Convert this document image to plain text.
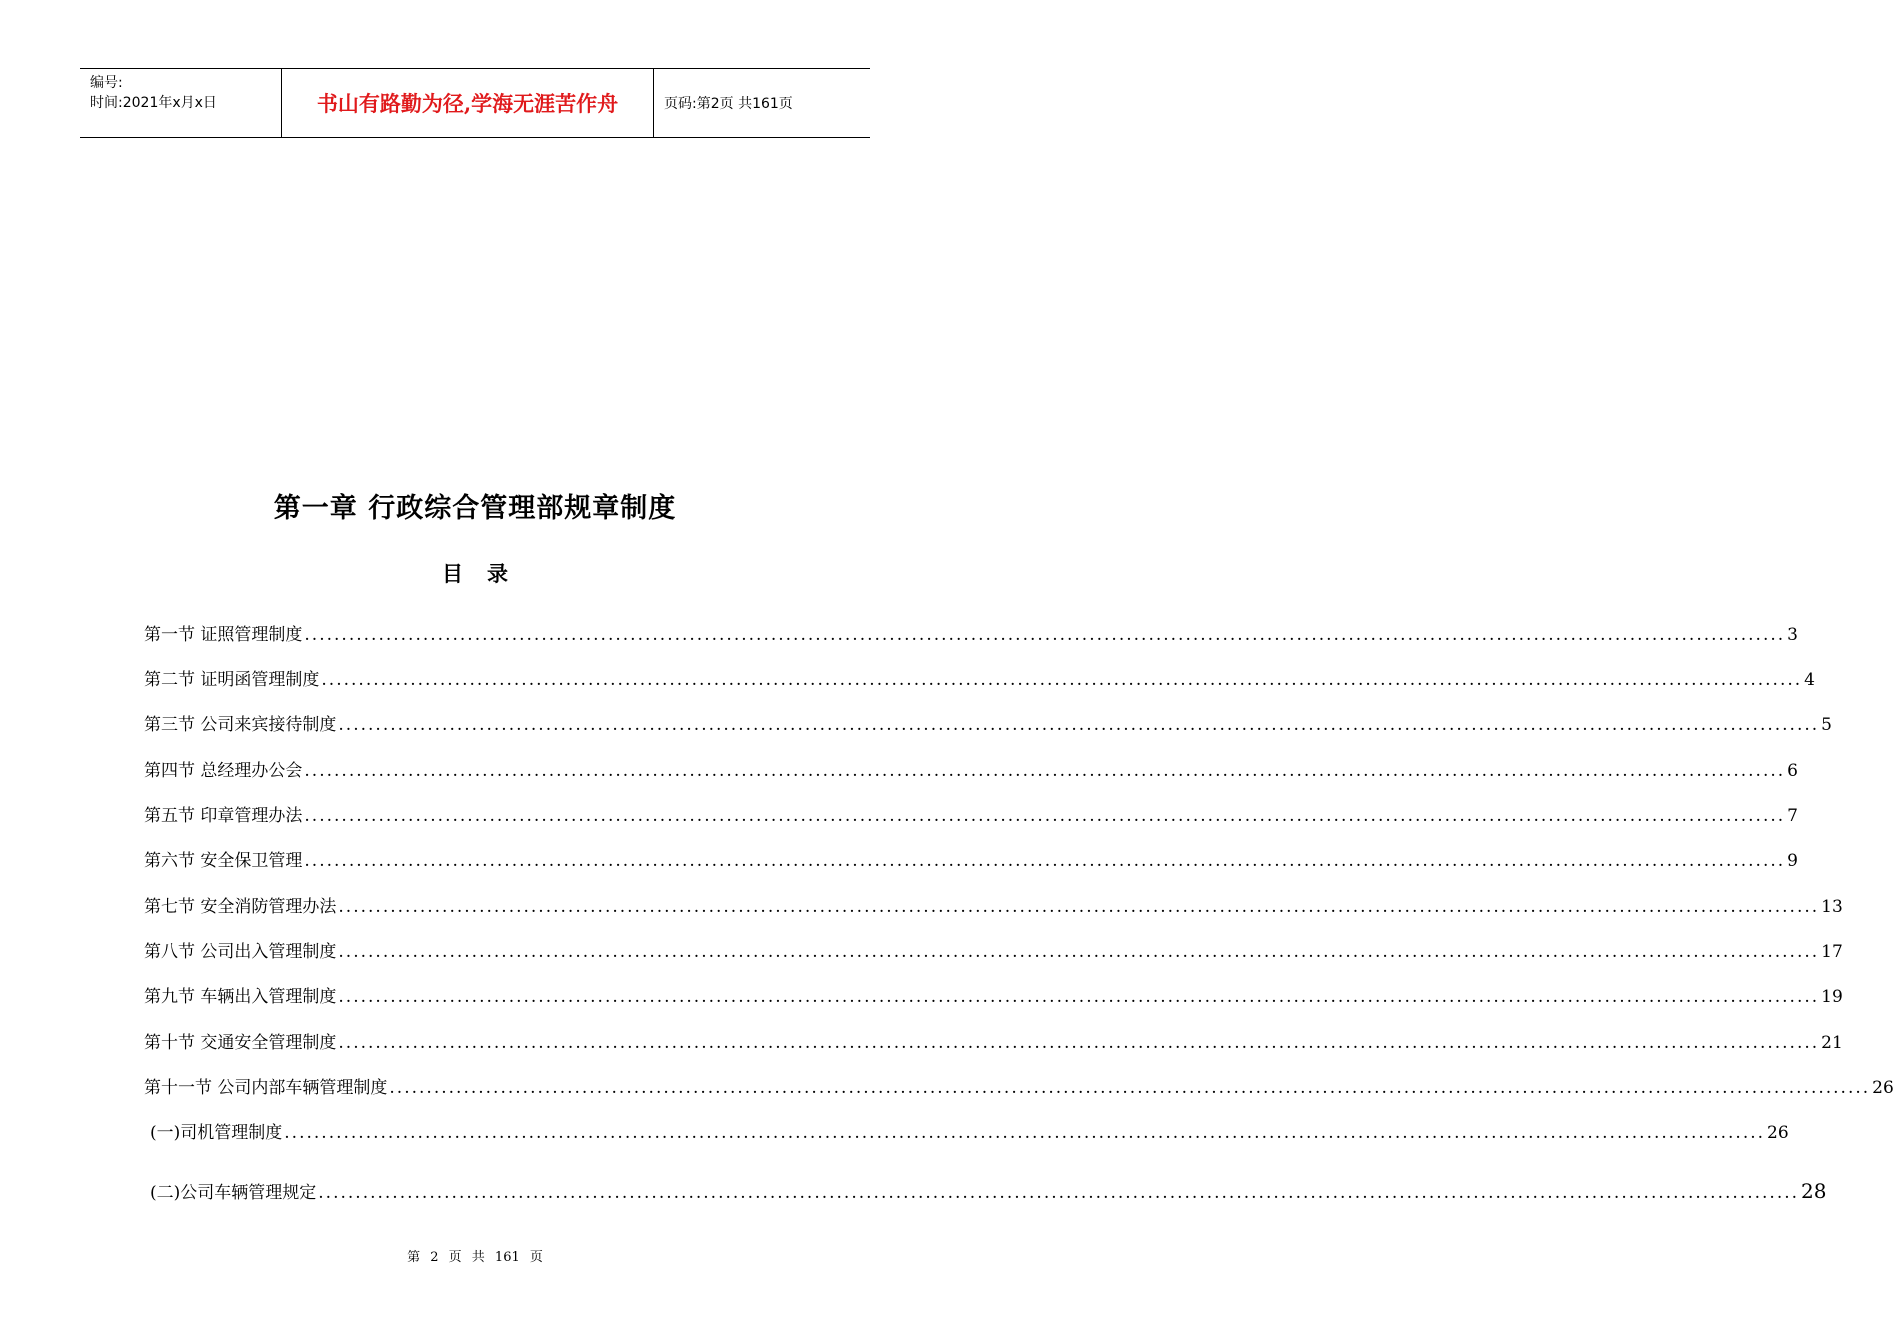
编号:
时间:2021年x月x日	书山有路勤为径,学海无涯苦作舟	页码:第2页 共161页
第一章 行政综合管理部规章制度
目录
第一节 证照管理制度 ........................................................................................................................................................................................................ 3
第二节 证明函管理制度 ........................................................................................................................................................................................................ 4
第三节 公司来宾接待制度 ........................................................................................................................................................................................................ 5
第四节 总经理办公会 ........................................................................................................................................................................................................ 6
第五节 印章管理办法 ........................................................................................................................................................................................................ 7
第六节 安全保卫管理 ........................................................................................................................................................................................................ 9
第七节 安全消防管理办法 ........................................................................................................................................................................................................ 13
第八节 公司出入管理制度 ........................................................................................................................................................................................................ 17
第九节 车辆出入管理制度 ........................................................................................................................................................................................................ 19
第十节 交通安全管理制度 ........................................................................................................................................................................................................ 21
第十一节 公司内部车辆管理制度 ........................................................................................................................................................................................................ 26
(一)司机管理制度 ........................................................................................................................................................................................................ 26
(二)公司车辆管理规定 ........................................................................................................................................................................................................ 28
第 2 页 共 161 页
